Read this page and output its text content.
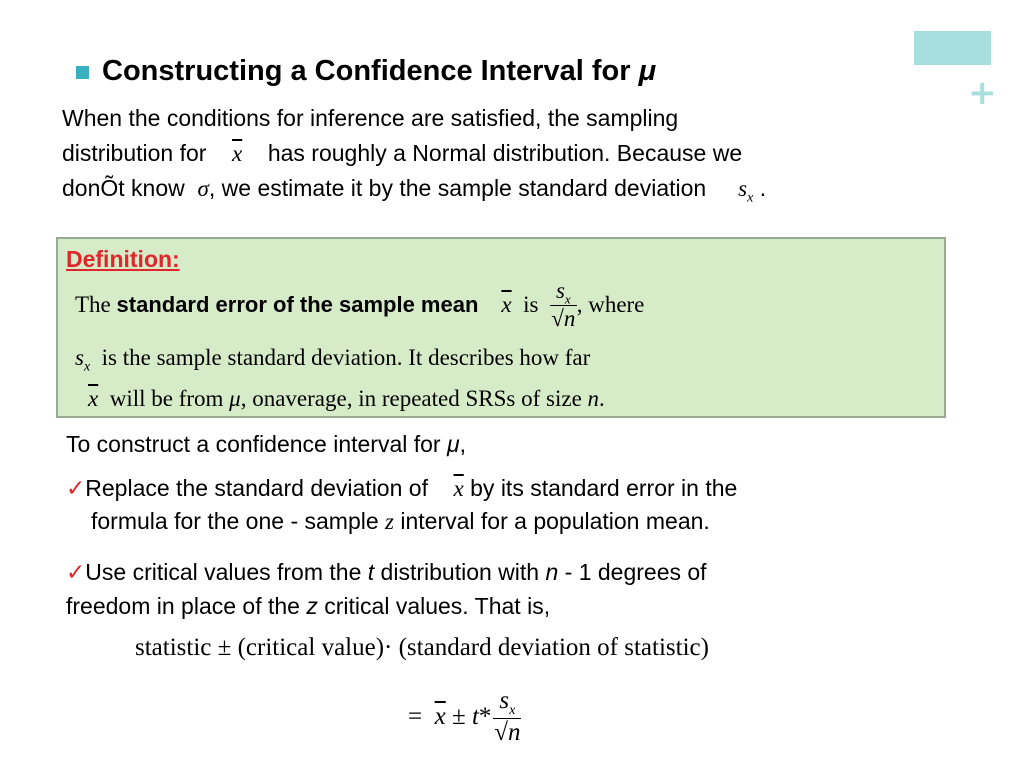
+
Constructing a Confidence Interval for μ
When the conditions for inference are satisfied, the sampling
distribution for $\overline{x}$ has roughly a Normal distribution. Because we
donÕt know σ, we estimate it by the sample standard deviation $s_x$ .
Definition:
The
standard error of the sample mean
$\overline{x}$
is
$\frac{s_x}{√n}$ , where
$s_x$ is the sample standard deviation. It describes how far
$\overline{x}$ will be from μ, onaverage, in repeated SRSs of size n.
To construct a confidence interval for μ,
✓Replace the standard deviation of $\overline{x}$ by its standard error in the
formula for the one - sample z interval for a population mean.
✓Use critical values from the t distribution with n - 1 degrees of
freedom in place of the z critical values. That is,
statistic ± (critical value)· (standard deviation of statistic)
=
$\overline{x}$
±
t * $\frac{s_x}{√n}$
